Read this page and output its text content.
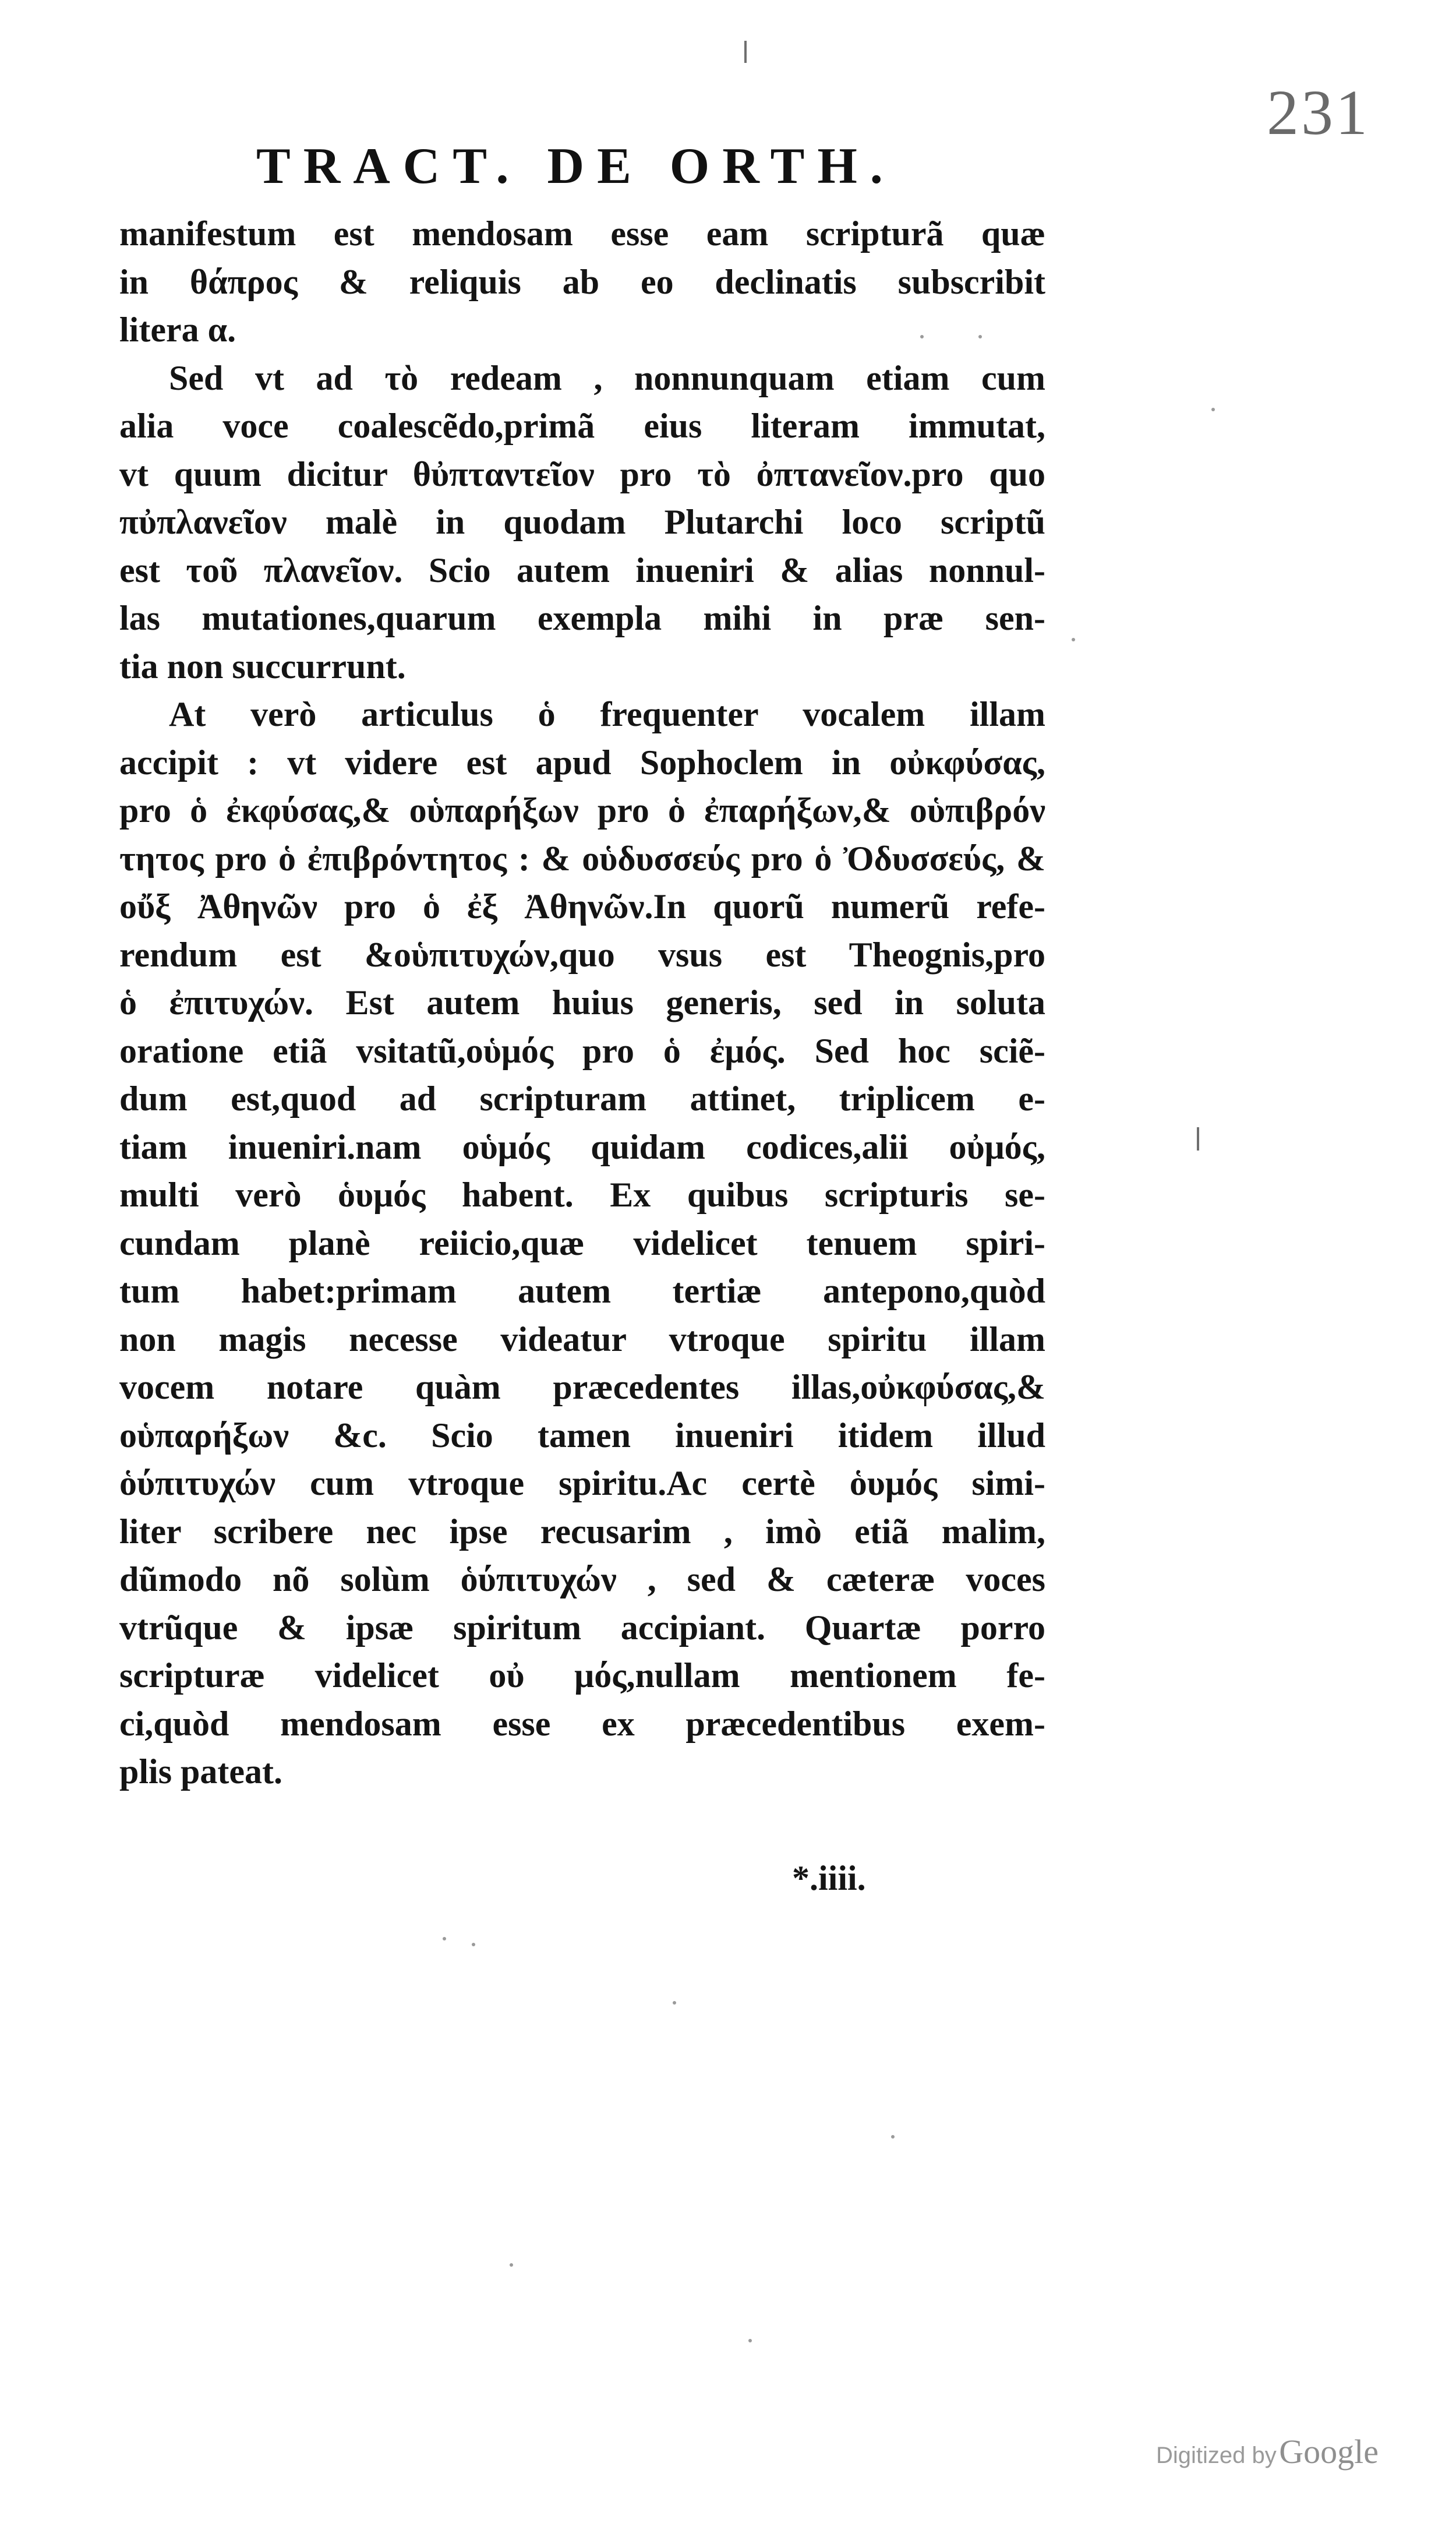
231
TRACT. DE ORTH.
manifestum est mendosam esse eam scripturã quæ
in θάπρος & reliquis ab eo declinatis subscribit
litera α.
Sed vt ad τὸ redeam , nonnunquam etiam cum
alia voce coalescẽdo,primã eius literam immutat,
vt quum dicitur θὐπταντεῖον pro τὸ ὀπτανεῖον.pro quo
πὐπλανεῖον malè in quodam Plutarchi loco scriptũ
est τοῦ πλανεῖον. Scio autem inueniri & alias nonnul-
las mutationes,quarum exempla mihi in præ sen-
tia non succurrunt.
At verò articulus ὁ frequenter vocalem illam
accipit : vt videre est apud Sophoclem in οὐκφύσας,
pro ὁ ἐκφύσας,& οὑπαρήξων pro ὁ ἐπαρήξων,& οὑπιβρόν
τητος pro ὁ ἐπιβρόντητος : & οὑδυσσεύς pro ὁ Ὀδυσσεύς, &
οὔξ Ἀθηνῶν pro ὁ ἐξ Ἀθηνῶν.In quorũ numerũ refe-
rendum est &οὑπιτυχών,quo vsus est Theognis,pro
ὁ ἐπιτυχών. Est autem huius generis, sed in soluta
oratione etiã vsitatũ,οὑμός pro ὁ ἐμός. Sed hoc sciẽ-
dum est,quod ad scripturam attinet, triplicem e-
tiam inueniri.nam οὑμός quidam codices,alii οὐμός,
multi verò ὁυμός habent. Ex quibus scripturis se-
cundam planè reiicio,quæ videlicet tenuem spiri-
tum habet:primam autem tertiæ antepono,quòd
non magis necesse videatur vtroque spiritu illam
vocem notare quàm præcedentes illas,οὐκφύσας,&
οὑπαρήξων &c. Scio tamen inueniri itidem illud
ὁύπιτυχών cum vtroque spiritu.Ac certè ὁυμός simi-
liter scribere nec ipse recusarim , imò etiã malim,
dũmodo nõ solùm ὁύπιτυχών , sed & cæteræ voces
vtrũque & ipsæ spiritum accipiant. Quartæ porro
scripturæ videlicet οὐ μός,nullam mentionem fe-
ci,quòd mendosam esse ex præcedentibus exem-
plis pateat.
*.iiii.
Digitized by Google
